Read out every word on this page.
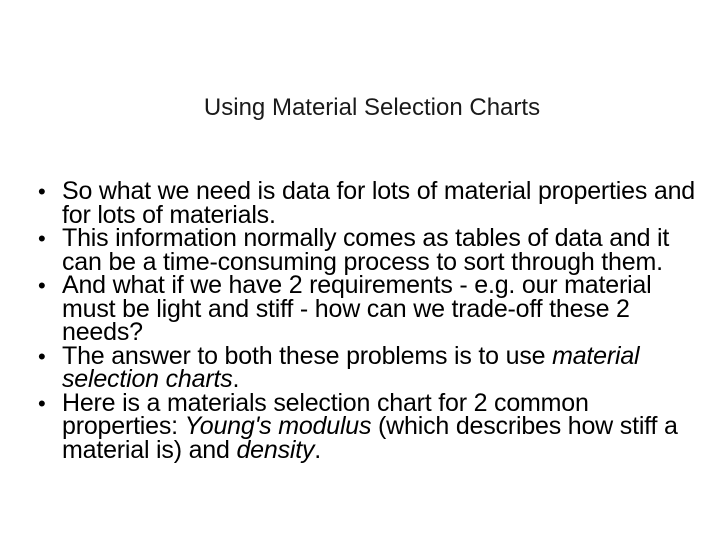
Using Material Selection Charts
• So what we need is data for lots of material properties and for lots of materials.
• This information normally comes as tables of data and it can be a time-consuming process to sort through them.
• And what if we have 2 requirements - e.g. our material must be light and stiff - how can we trade-off these 2 needs?
• The answer to both these problems is to use material selection charts.
• Here is a materials selection chart for 2 common properties: Young's modulus (which describes how stiff a material is) and density.
